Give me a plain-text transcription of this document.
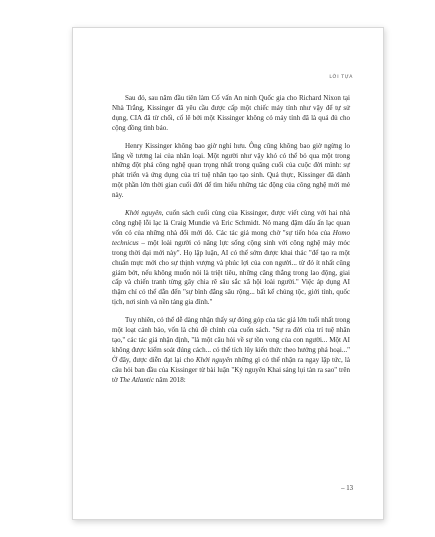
LỜI TỰA

Sau đó, sau năm đầu tiên làm Cố vấn An ninh Quốc gia cho Richard Nixon tại Nhà Trắng, Kissinger đã yêu cầu được cấp một chiếc máy tính như vậy để tự sử dụng, CIA đã từ chối, cố lẽ bởi một Kissinger không có máy tính đã là quá đủ cho cộng đồng tình báo.

Henry Kissinger không bao giờ nghỉ hưu. Ông cũng không bao giờ ngừng lo lắng về tương lai của nhân loại. Một người như vậy khó có thể bỏ qua một trong những đột phá công nghệ quan trọng nhất trong quãng cuối của cuộc đời mình: sự phát triển và ứng dụng của trí tuệ nhân tạo tạo sinh. Quả thực, Kissinger đã dành một phần lớn thời gian cuối đời để tìm hiểu những tác động của công nghệ mới mẻ này.

Khởi nguyên, cuốn sách cuối cùng của Kissinger, được viết cùng với hai nhà công nghệ lỗi lạc là Craig Mundie và Eric Schmidt. Nó mang đậm dấu ấn lạc quan vốn có của những nhà đổi mới đó. Các tác giả mong chờ "sự tiến hóa của Homo technicus – một loài người có năng lực sống cộng sinh với công nghệ máy móc trong thời đại mới này". Họ lập luận, AI có thể sớm được khai thác "để tạo ra một chuẩn mực mới cho sự thịnh vượng và phúc lợi của con người... từ đó ít nhất cũng giảm bớt, nếu không muốn nói là triệt tiêu, những căng thẳng trong lao động, giai cấp và chiến tranh từng gây chia rẽ sâu sắc xã hội loài người." Việc áp dụng AI thậm chí có thể dẫn đến "sự bình đẳng sâu rộng... bất kể chủng tộc, giới tính, quốc tịch, nơi sinh và nền tảng gia đình."

Tuy nhiên, có thể dễ dàng nhận thấy sự đóng góp của tác giả lớn tuổi nhất trong một loạt cảnh báo, vốn là chủ đề chính của cuốn sách. "Sự ra đời của trí tuệ nhân tạo," các tác giả nhận định, "là một câu hỏi về sự tồn vong của con người... Một AI không được kiểm soát đúng cách... có thể tích lũy kiến thức theo hướng phá hoại..." Ở đây, được diễn đạt lại cho Khởi nguyên những gì có thể nhận ra ngay lập tức, là câu hỏi ban đầu của Kissinger từ bài luận "Kỷ nguyên Khai sáng lụi tàn ra sao" trên tờ The Atlantic năm 2018:

– 13
